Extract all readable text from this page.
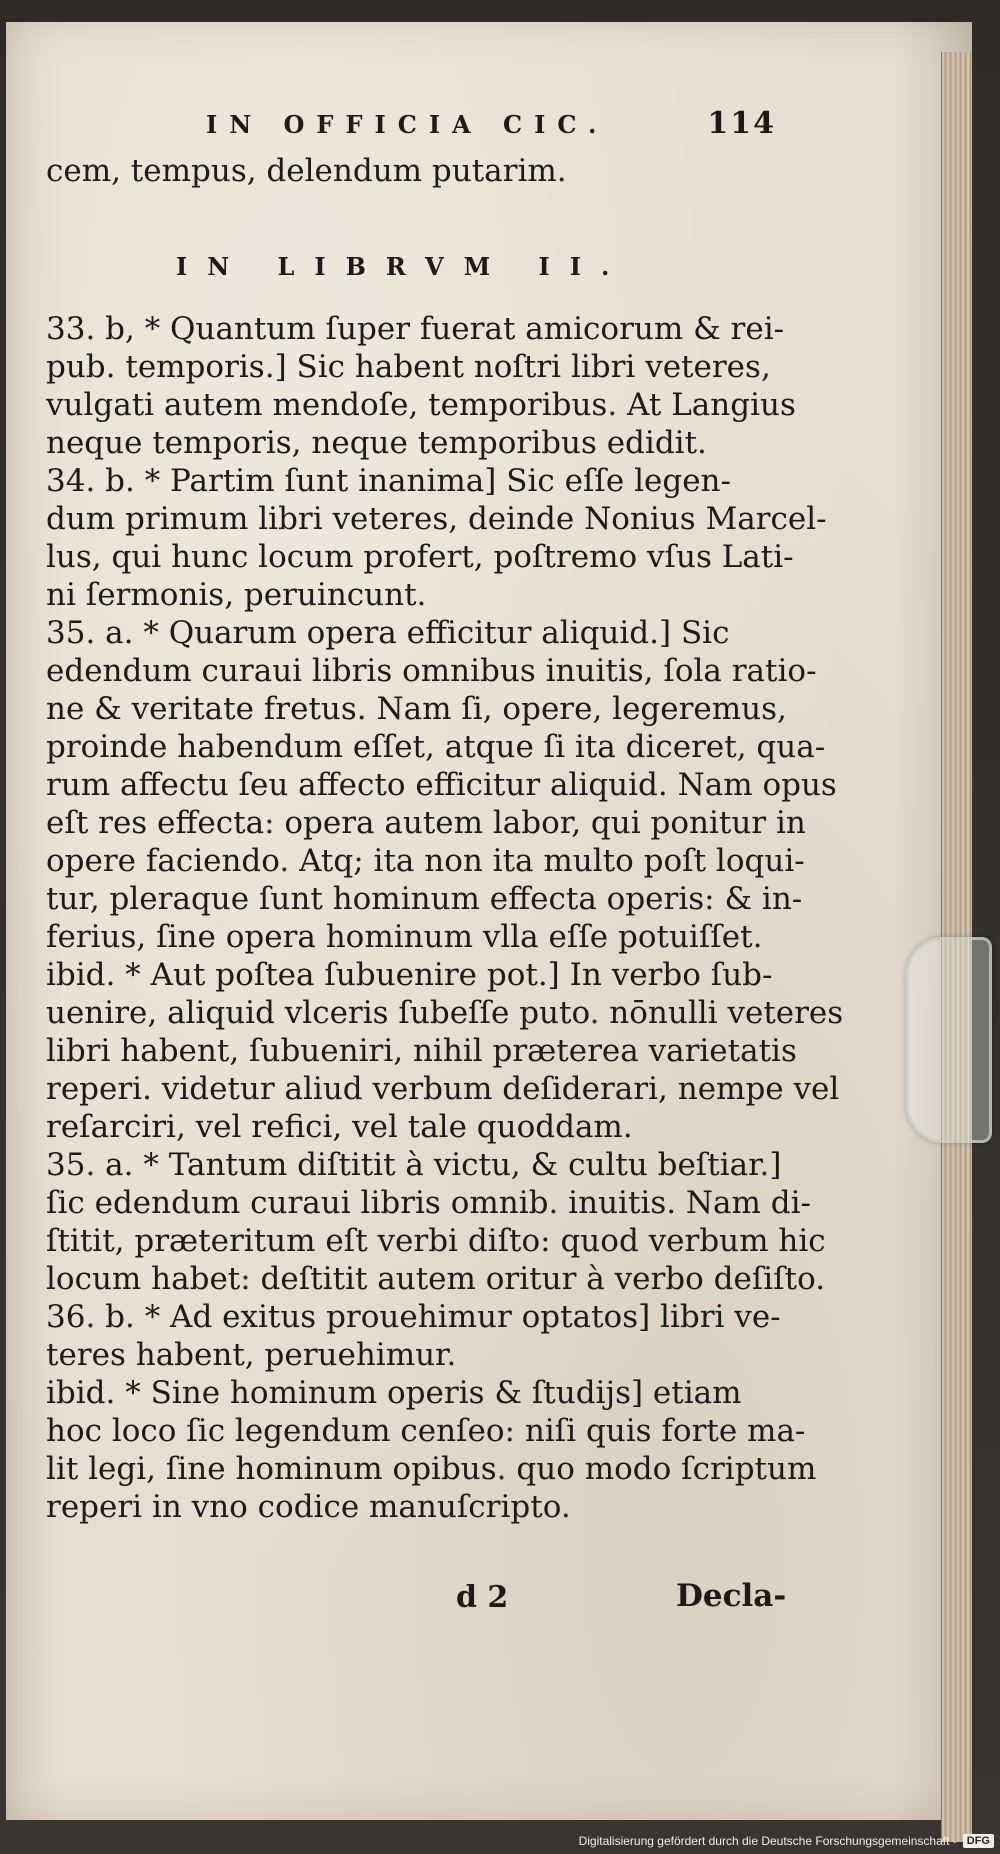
IN OFFICIA CIC.	114
cem, tempus, delendum putarim.
IN LIBRVM II.
33. b, * Quantum ſuper fuerat amicorum & rei-
pub. temporis.] Sic habent noſtri libri veteres,
vulgati autem mendoſe, temporibus. At Langius
neque temporis, neque temporibus edidit.
34. b. * Partim ſunt inanima] Sic eſſe legen-
dum primum libri veteres, deinde Nonius Marcel-
lus, qui hunc locum profert, poſtremo vſus Lati-
ni ſermonis, peruincunt.
35. a. * Quarum opera efficitur aliquid.] Sic
edendum curaui libris omnibus inuitis, ſola ratio-
ne & veritate fretus. Nam ſi, opere, legeremus,
proinde habendum eſſet, atque ſi ita diceret, qua-
rum affectu ſeu affecto efficitur aliquid. Nam opus
eſt res effecta: opera autem labor, qui ponitur in
opere faciendo. Atq; ita non ita multo poſt loqui-
tur, pleraque ſunt hominum effecta operis: & in-
ferius, ſine opera hominum vlla eſſe potuiſſet.
ibid. * Aut poſtea ſubuenire pot.] In verbo ſub-
uenire, aliquid vlceris ſubeſſe puto. nōnulli veteres
libri habent, ſubueniri, nihil præterea varietatis
reperi. videtur aliud verbum deſiderari, nempe vel
reſarciri, vel refici, vel tale quoddam.
35. a. * Tantum diſtitit à victu, & cultu beſtiar.]
ſic edendum curaui libris omnib. inuitis. Nam di-
ſtitit, præteritum eſt verbi diſto: quod verbum hic
locum habet: deſtitit autem oritur à verbo deſiſto.
36. b. * Ad exitus prouehimur optatos] libri ve-
teres habent, peruehimur.
ibid. * Sine hominum operis & ſtudijs] etiam
hoc loco ſic legendum cenſeo: niſi quis forte ma-
lit legi, ſine hominum opibus. quo modo ſcriptum
reperi in vno codice manuſcripto.
d 2	Decla-
Digitalisierung gefördert durch die Deutsche Forschungsgemeinschaft - DFG
